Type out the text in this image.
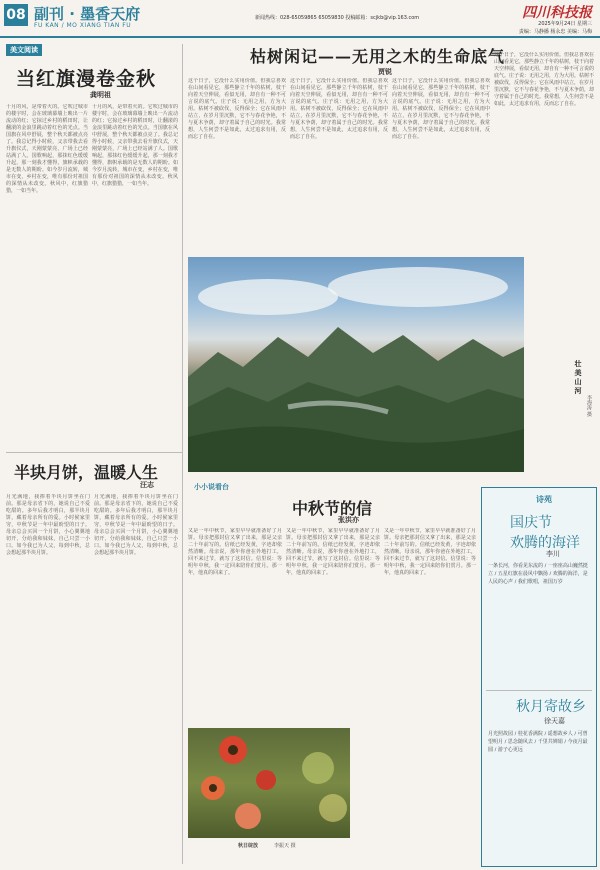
08 副刊 · 墨香天府
FU KAN / MO XIANG TIAN FU
新闻热线：028-65059865 65059830 投稿邮箱：scjkb@vip.163.com	四川科技报
2025年9月24日 星期三
责编：马静播 杨永忠 美编：马梅
美文阅读
当红旗漫卷金秋
龚明祖
十月的风，是带着火的。它吹过城市的楼宇时，会在玻璃幕墙上映出一片流动的红；它掠过乡村的稻田时，让翻滚的金浪里跳动着红色的光点。当国旗在风中舒展，整个秋天都被点亮了。我总记得小时候，父亲带我去看升旗仪式，天刚蒙蒙亮，广场上已经站满了人。国歌响起，那抹红色缓缓升起，那一刻我才懂得，旗帜承载的是无数人的期盼。如今岁月流转，城市在变，乡村在变，唯有那份对祖国的深情从未改变。秋风中，红旗猎猎，一如当年。
十月的风，是带着火的。它吹过城市的楼宇时，会在玻璃幕墙上映出一片流动的红；它掠过乡村的稻田时，让翻滚的金浪里跳动着红色的光点。当国旗在风中舒展，整个秋天都被点亮了。我总记得小时候，父亲带我去看升旗仪式，天刚蒙蒙亮，广场上已经站满了人。国歌响起，那抹红色缓缓升起，那一刻我才懂得，旗帜承载的是无数人的期盼。如今岁月流转，城市在变，乡村在变，唯有那份对祖国的深情从未改变。秋风中，红旗猎猎，一如当年。
枯树闲记——无用之木的生命底气
贾锐
这个日子，它没什么实用价值。但我总喜欢在山间看见它，那些静立千年的枯树，枝干向着天空伸展，看似无用，却自有一种不可言说的底气。庄子说：无用之用，方为大用。枯树不被砍伐，反得保全；它在风雨中站立，在岁月里沉默，它不与春花争艳，不与夏木争荫，却守着属于自己的时光。我常想，人生何尝不是如此，太过追求有用，反而忘了自在。
这个日子，它没什么实用价值。但我总喜欢在山间看见它，那些静立千年的枯树，枝干向着天空伸展，看似无用，却自有一种不可言说的底气。庄子说：无用之用，方为大用。枯树不被砍伐，反得保全；它在风雨中站立，在岁月里沉默，它不与春花争艳，不与夏木争荫，却守着属于自己的时光。我常想，人生何尝不是如此，太过追求有用，反而忘了自在。
这个日子，它没什么实用价值。但我总喜欢在山间看见它，那些静立千年的枯树，枝干向着天空伸展，看似无用，却自有一种不可言说的底气。庄子说：无用之用，方为大用。枯树不被砍伐，反得保全；它在风雨中站立，在岁月里沉默，它不与春花争艳，不与夏木争荫，却守着属于自己的时光。我常想，人生何尝不是如此，太过追求有用，反而忘了自在。
这个日子，它没什么实用价值。但我总喜欢在山间看见它，那些静立千年的枯树，枝干向着天空伸展，看似无用，却自有一种不可言说的底气。庄子说：无用之用，方为大用。枯树不被砍伐，反得保全；它在风雨中站立，在岁月里沉默，它不与春花争艳，不与夏木争荫，却守着属于自己的时光。我常想，人生何尝不是如此，太过追求有用，反而忘了自在。
壮美山河
李海涛 摄
半块月饼，温暖人生
汪志
月光满地，我捧着半块月饼坐在门前。那是母亲省下的，她说自己不爱吃甜的。多年后我才明白，那半块月饼，藏着母亲所有的爱。小时候家里穷，中秋节是一年中最盼望的日子。母亲总会买回一个月饼，小心翼翼地切开，分给我和妹妹，自己只尝一小口。如今我已为人父，每到中秋，总会想起那半块月饼。
月光满地，我捧着半块月饼坐在门前。那是母亲省下的，她说自己不爱吃甜的。多年后我才明白，那半块月饼，藏着母亲所有的爱。小时候家里穷，中秋节是一年中最盼望的日子。母亲总会买回一个月饼，小心翼翼地切开，分给我和妹妹，自己只尝一小口。如今我已为人父，每到中秋，总会想起那半块月饼。
小小说看台
中秋节的信
张洪亦
又是一年中秋节，家里早早就准备好了月饼。母亲把那封信又拿了出来，那是父亲二十年前写的。信纸已经发黄，字迹却依然清晰。母亲说，那年你爸在外地打工，回不来过节，就写了这封信。信里说：等明年中秋，我一定回来陪你们赏月。那一年，他真的回来了。
又是一年中秋节，家里早早就准备好了月饼。母亲把那封信又拿了出来，那是父亲二十年前写的。信纸已经发黄，字迹却依然清晰。母亲说，那年你爸在外地打工，回不来过节，就写了这封信。信里说：等明年中秋，我一定回来陪你们赏月。那一年，他真的回来了。
又是一年中秋节，家里早早就准备好了月饼。母亲把那封信又拿了出来，那是父亲二十年前写的。信纸已经发黄，字迹却依然清晰。母亲说，那年你爸在外地打工，回不来过节，就写了这封信。信里说：等明年中秋，我一定回来陪你们赏月。那一年，他真的回来了。
秋日绽放	李振天 摄
诗苑
国庆节
欢腾的海洋
李川
一条长河，你看见东流的 / 一座座高山巍然挺立 / 五星红旗在晨风中飘扬 / 欢腾的海洋，是人民的心声 / 我们歌唱，祖国万岁
秋月寄故乡
徐天嘉
月光照故园 / 桂花香满院 / 遥想故乡人 / 可曾望明月 / 思念随风去 / 千里共婵娟 / 今夜月最圆 / 游子心更远
